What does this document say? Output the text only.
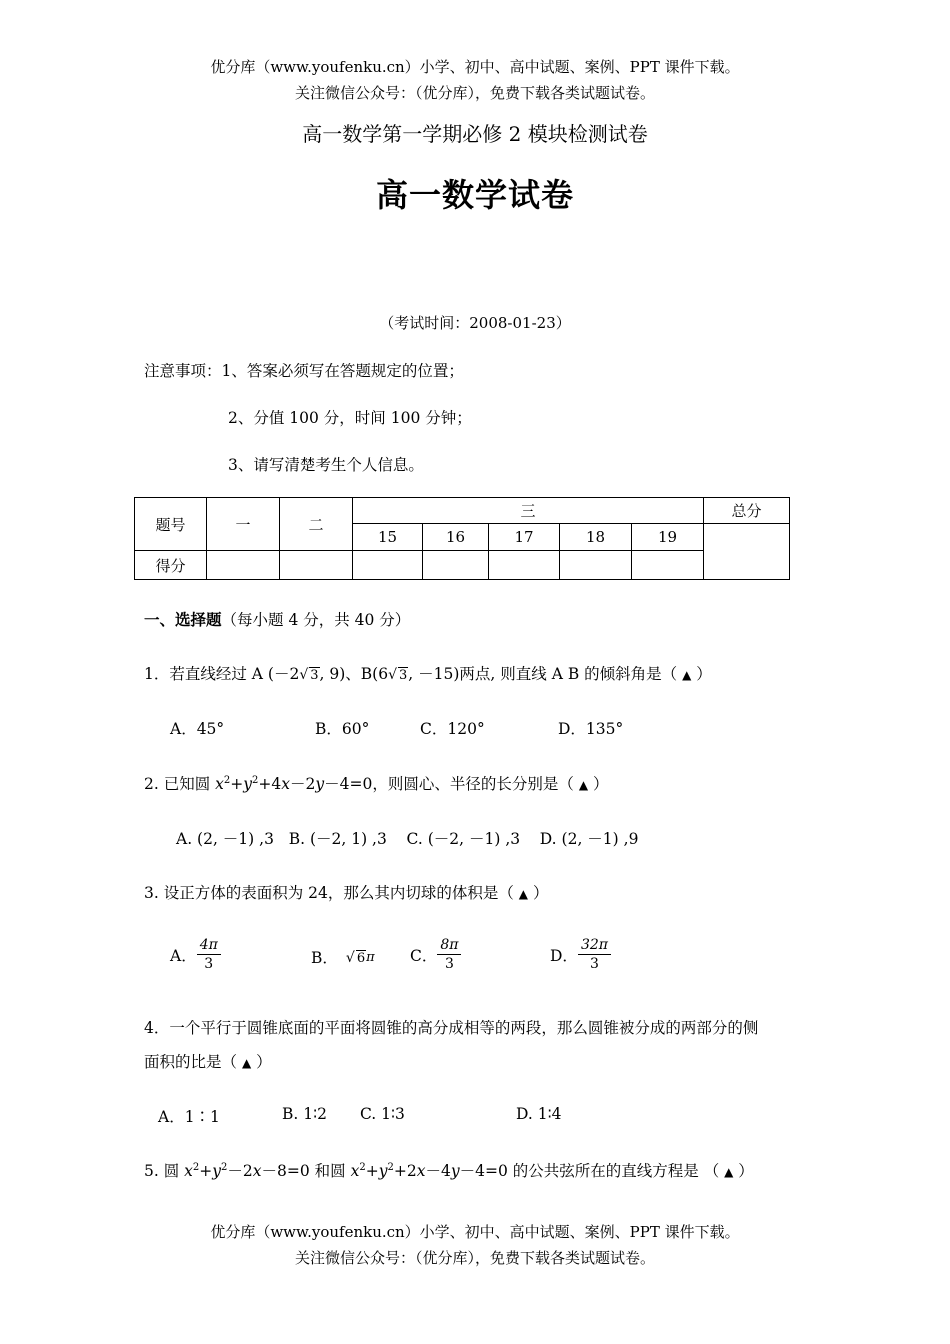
优分库（www.youfenku.cn）小学、初中、高中试题、案例、PPT 课件下载。
关注微信公众号：（优分库），免费下载各类试题试卷。
高一数学第一学期必修 2 模块检测试卷
高一数学试卷
（考试时间：2008-01-23）
注意事项：1、答案必须写在答题规定的位置；
2、分值 100 分，时间 100 分钟；
3、请写清楚考生个人信息。
题号	一	二	三					总分
			15	16	17	18	19	
得分								
一、选择题（每小题 4 分，共 40 分）
1．若直线经过 A (－2√ 3, 9)、B(6√ 3, －15)两点, 则直线 A B 的倾斜角是（ ▲ ）
A．45°	B．60°	C．120°	D．135°
2. 已知圆 $x^2+y^2+4x-2y-4=0$，则圆心、半径的长分别是（ ▲ ）
A. (2, －1) ,3   B. (－2, 1) ,3    C. (－2, －1) ,3    D. (2, －1) ,9
3. 设正方体的表面积为 24，那么其内切球的体积是（ ▲ ）
A． $\frac{4\pi}{3}$	B． √ 6 π C． $\frac{8\pi}{3}$	D． $\frac{32\pi}{3}$
4．一个平行于圆锥底面的平面将圆锥的高分成相等的两段，那么圆锥被分成的两部分的侧
面积的比是（ ▲ ）
A．1∶1	B. 1∶2 C. 1∶3	D. 1∶4
5. 圆 $x^2+y^2-2x-8=0$ 和圆 $x^2+y^2+2x-4y-4=0$ 的公共弦所在的直线方程是 （ ▲ ）
优分库（www.youfenku.cn）小学、初中、高中试题、案例、PPT 课件下载。
关注微信公众号：（优分库），免费下载各类试题试卷。
